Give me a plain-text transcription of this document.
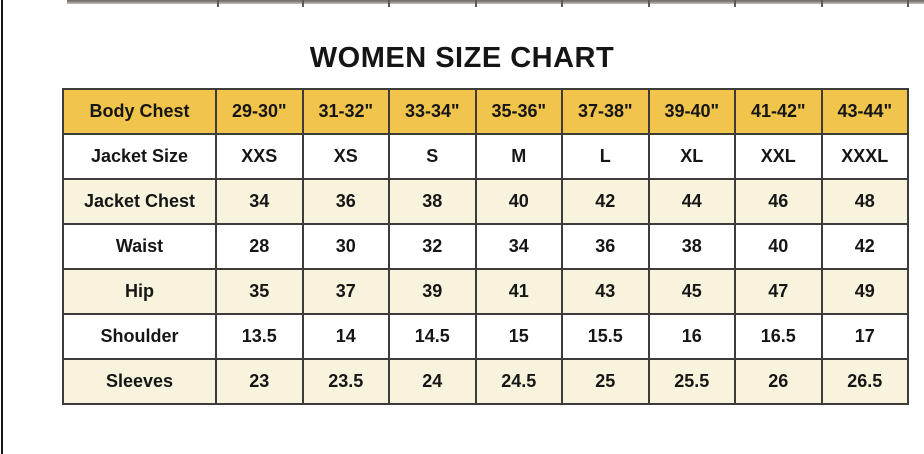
WOMEN SIZE CHART
Body Chest	29-30"	31-32"	33-34"	35-36"	37-38"	39-40"	41-42"	43-44"
Jacket Size	XXS	XS	S	M	L	XL	XXL	XXXL
Jacket Chest	34	36	38	40	42	44	46	48
Waist	28	30	32	34	36	38	40	42
Hip	35	37	39	41	43	45	47	49
Shoulder	13.5	14	14.5	15	15.5	16	16.5	17
Sleeves	23	23.5	24	24.5	25	25.5	26	26.5
